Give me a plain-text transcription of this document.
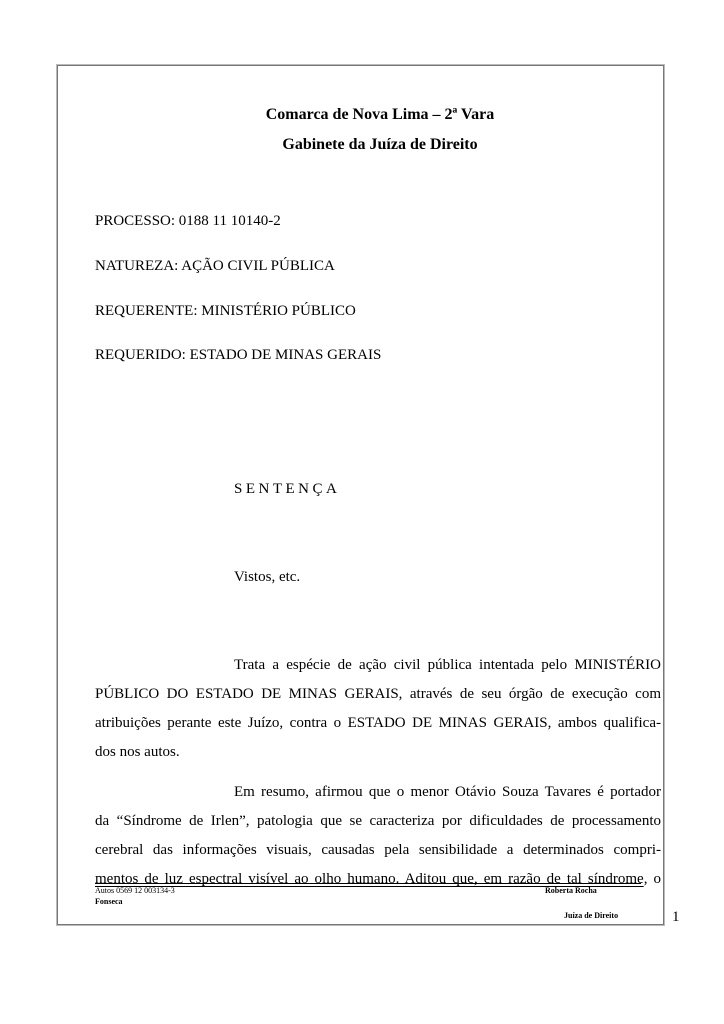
Comarca de Nova Lima – 2ª Vara
Gabinete da Juíza de Direito
PROCESSO: 0188 11 10140-2
NATUREZA: AÇÃO CIVIL PÚBLICA
REQUERENTE: MINISTÉRIO PÚBLICO
REQUERIDO: ESTADO DE MINAS GERAIS
SENTENÇA
Vistos, etc.
Trata a espécie de ação civil pública intentada pelo MINISTÉRIO
PÚBLICO DO ESTADO DE MINAS GERAIS, através de seu órgão de execução com
atribuições perante este Juízo, contra o ESTADO DE MINAS GERAIS, ambos qualifica-
dos nos autos.
Em resumo, afirmou que o menor Otávio Souza Tavares é portador
da “Síndrome de Irlen”, patologia que se caracteriza por dificuldades de processamento
cerebral das informações visuais, causadas pela sensibilidade a determinados compri-
mentos de luz espectral visível ao olho humano. Aditou que, em razão de tal síndrome, o
Autos 0569 12 003134-3	Roberta Rocha
Fonseca
Juíza de Direito	1
